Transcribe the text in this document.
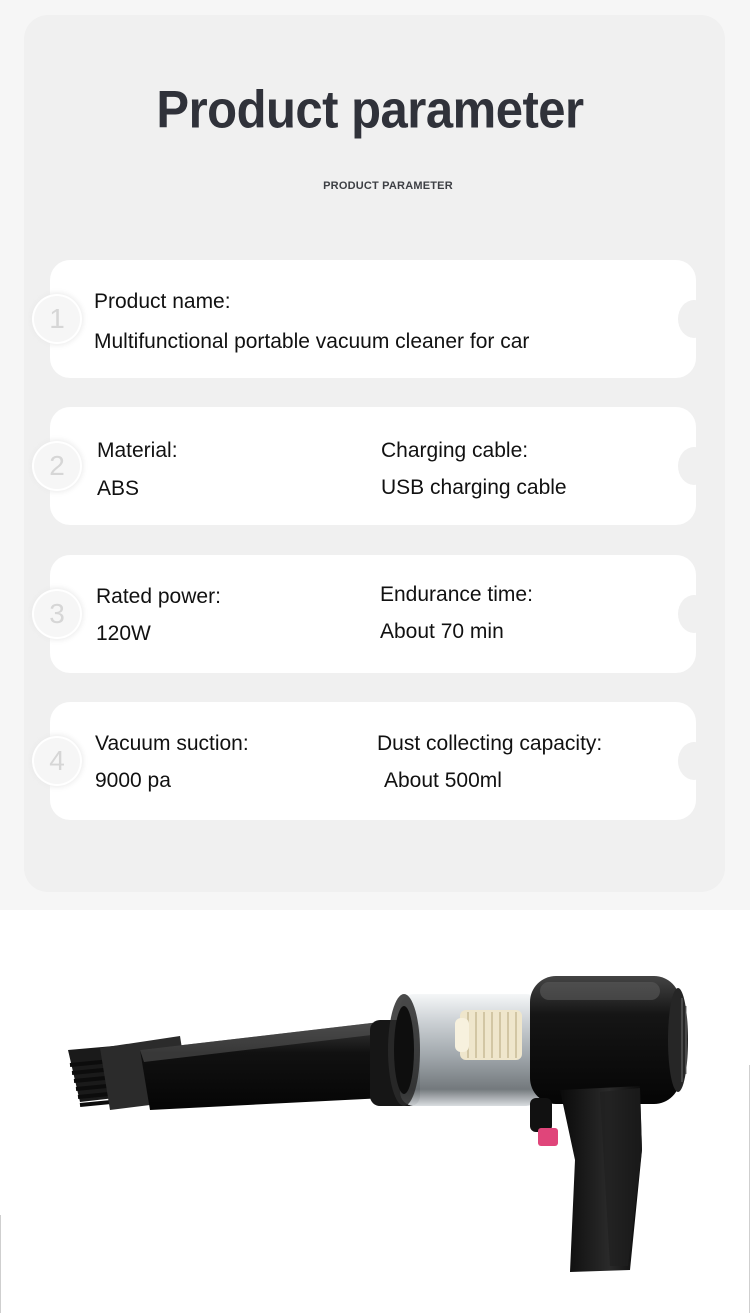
Product parameter
PRODUCT PARAMETER
1
Product name:
Multifunctional portable vacuum cleaner for car
2	Material:
ABS
Charging cable:
USB charging cable
3
Rated power:
120W
Endurance time:
About 70 min
4
Vacuum suction:
9000 pa
Dust collecting capacity:
About 500ml
